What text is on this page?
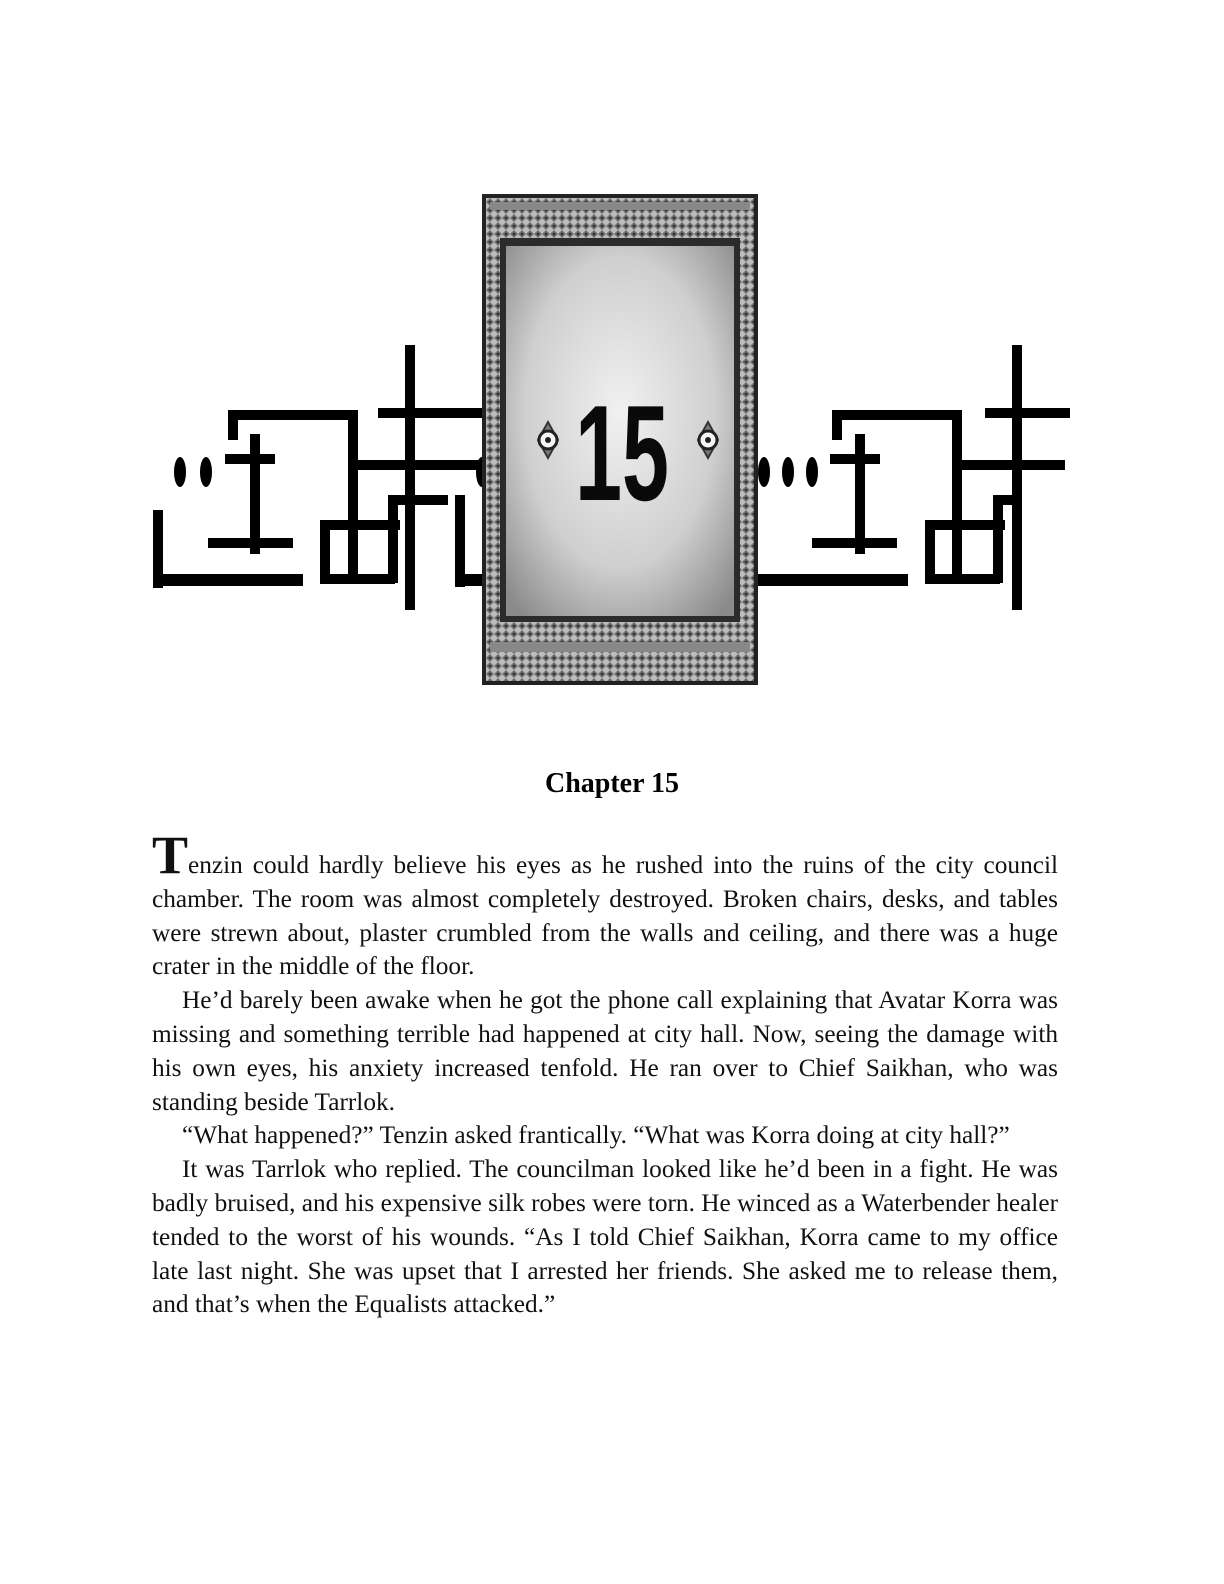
15
Chapter 15

Tenzin could hardly believe his eyes as he rushed into the ruins of the city council chamber. The room was almost completely destroyed. Broken chairs, desks, and tables were strewn about, plaster crumbled from the walls and ceiling, and there was a huge crater in the middle of the floor.

He’d barely been awake when he got the phone call explaining that Avatar Korra was missing and something terrible had happened at city hall. Now, seeing the damage with his own eyes, his anxiety increased tenfold. He ran over to Chief Saikhan, who was standing beside Tarrlok.

“What happened?” Tenzin asked frantically. “What was Korra doing at city hall?”

It was Tarrlok who replied. The councilman looked like he’d been in a fight. He was badly bruised, and his expensive silk robes were torn. He winced as a Waterbender healer tended to the worst of his wounds. “As I told Chief Saikhan, Korra came to my office late last night. She was upset that I arrested her friends. She asked me to release them, and that’s when the Equalists attacked.”
